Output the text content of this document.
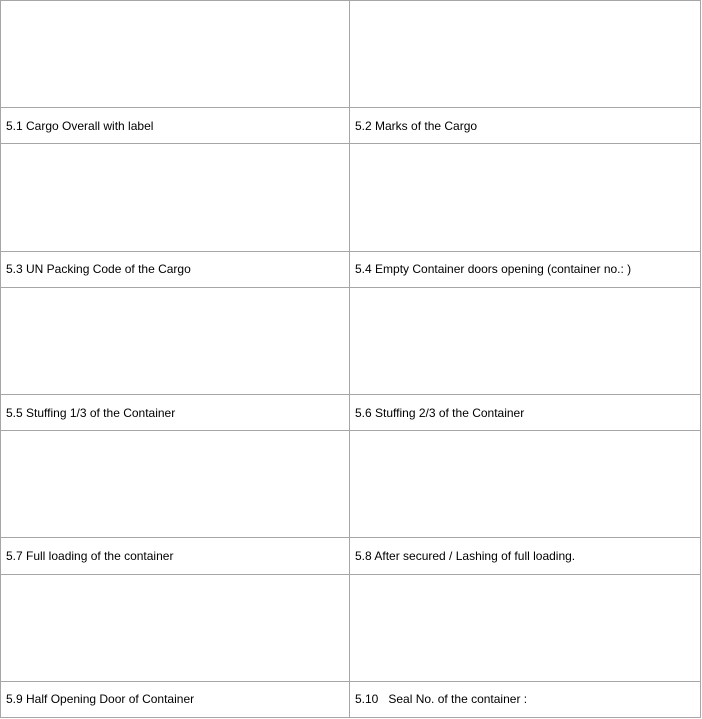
5.1 Cargo Overall with label	5.2 Marks of the Cargo

5.3 UN Packing Code of the Cargo	5.4 Empty Container doors opening (container no.: )

5.5 Stuffing 1/3 of the Container	5.6 Stuffing 2/3 of the Container

5.7 Full loading of the container	5.8 After secured / Lashing of full loading.

5.9 Half Opening Door of Container	5.10   Seal No. of the container :
